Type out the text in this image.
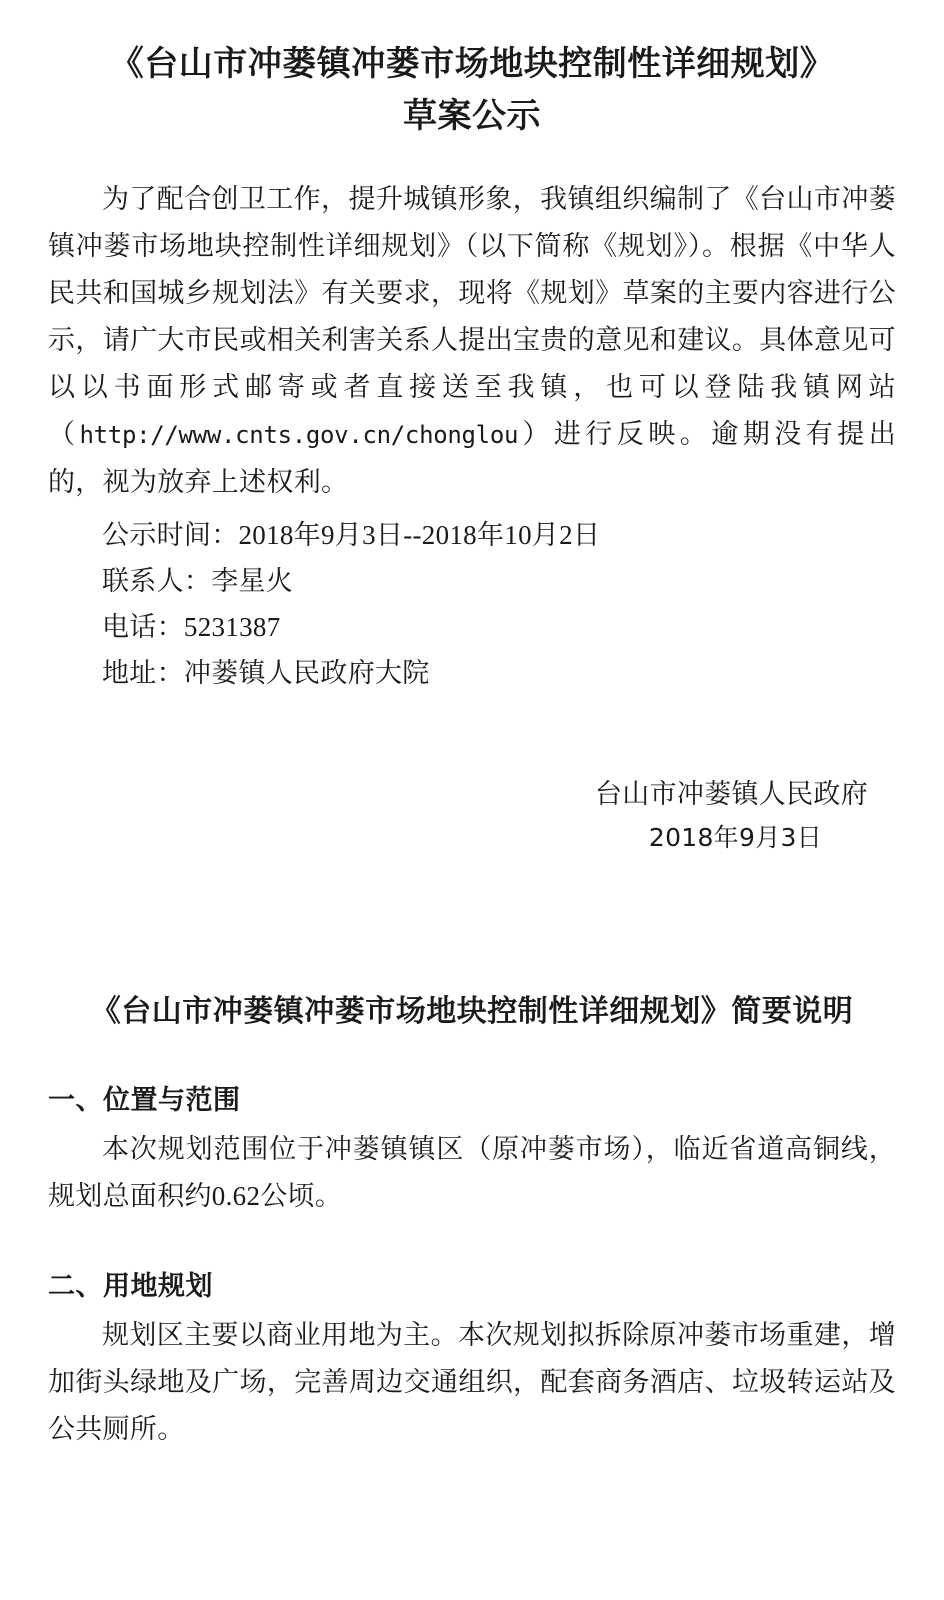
《台山市冲蒌镇冲蒌市场地块控制性详细规划》
草案公示

为了配合创卫工作，提升城镇形象，我镇组织编制了《台山市冲蒌镇冲蒌市场地块控制性详细规划》（以下简称《规划》）。根据《中华人民共和国城乡规划法》有关要求，现将《规划》草案的主要内容进行公示，请广大市民或相关利害关系人提出宝贵的意见和建议。具体意见可以以书面形式邮寄或者直接送至我镇，也可以登陆我镇网站（http://www.cnts.gov.cn/chonglou）进行反映。逾期没有提出的，视为放弃上述权利。

公示时间：2018年9月3日--2018年10月2日
联系人：李星火
电话：5231387
地址：冲蒌镇人民政府大院
台山市冲蒌镇人民政府
2018年9月3日
《台山市冲蒌镇冲蒌市场地块控制性详细规划》简要说明
一、位置与范围
本次规划范围位于冲蒌镇镇区（原冲蒌市场），临近省道高铜线，规划总面积约0.62公顷。
二、用地规划
规划区主要以商业用地为主。本次规划拟拆除原冲蒌市场重建，增加街头绿地及广场，完善周边交通组织，配套商务酒店、垃圾转运站及公共厕所。
